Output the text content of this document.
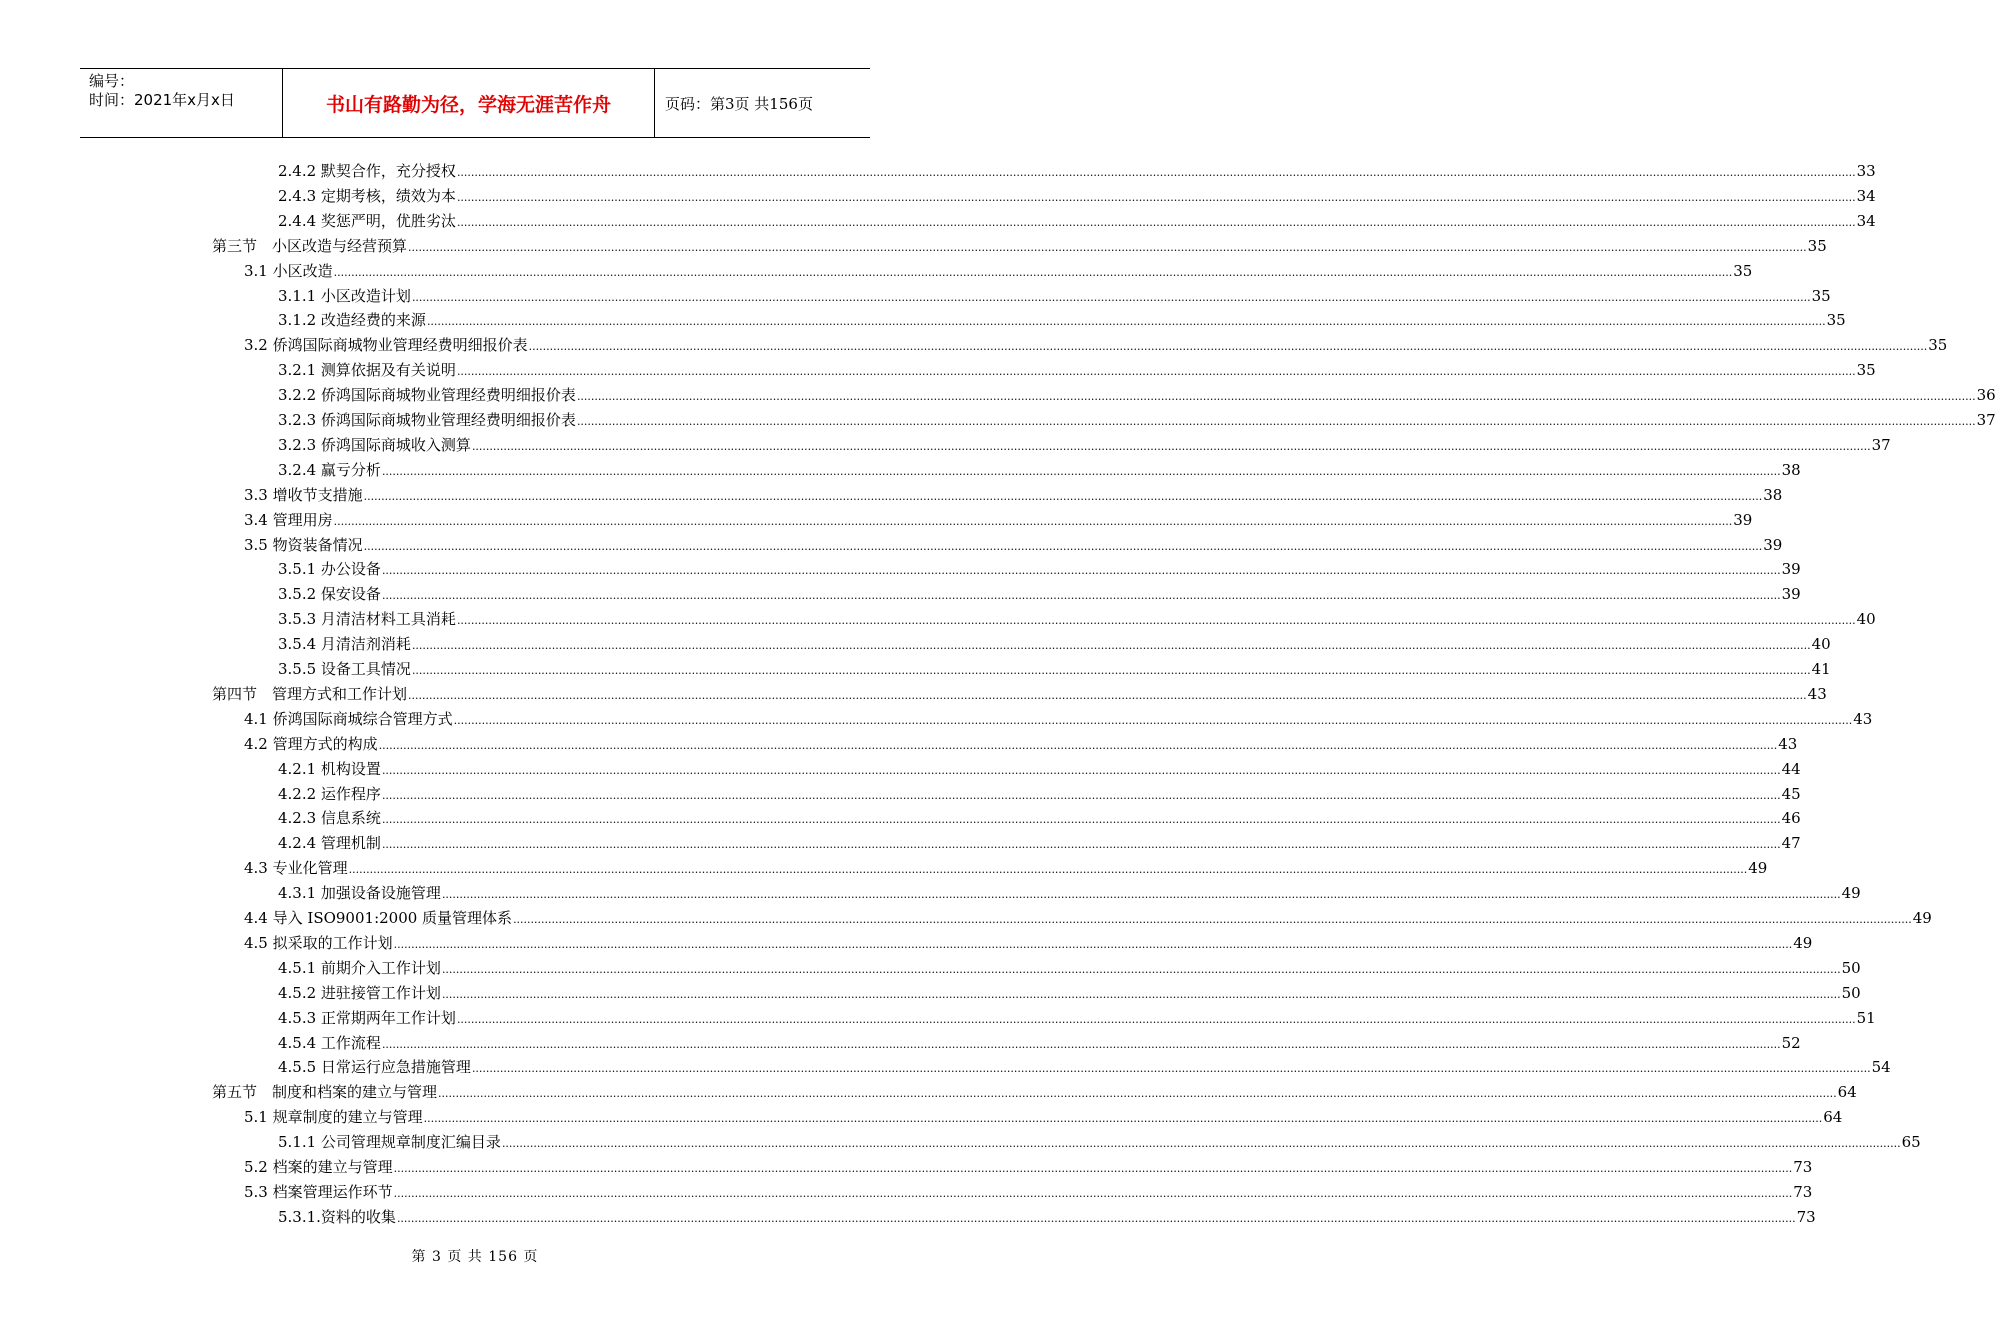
编号：
时间：2021年x月x日	书山有路勤为径，学海无涯苦作舟	页码：第3页 共156页
2.4.2 默契合作，充分授权 ................................................................................................................................................................................................................................................................................................................................................................................................................ 33
2.4.3 定期考核，绩效为本 ................................................................................................................................................................................................................................................................................................................................................................................................................ 34
2.4.4 奖惩严明，优胜劣汰 ................................................................................................................................................................................................................................................................................................................................................................................................................ 34
第三节　小区改造与经营预算 ................................................................................................................................................................................................................................................................................................................................................................................................................ 35
3.1 小区改造 ................................................................................................................................................................................................................................................................................................................................................................................................................ 35
3.1.1 小区改造计划 ................................................................................................................................................................................................................................................................................................................................................................................................................ 35
3.1.2 改造经费的来源 ................................................................................................................................................................................................................................................................................................................................................................................................................ 35
3.2 侨鸿国际商城物业管理经费明细报价表 ................................................................................................................................................................................................................................................................................................................................................................................................................ 35
3.2.1 测算依据及有关说明 ................................................................................................................................................................................................................................................................................................................................................................................................................ 35
3.2.2 侨鸿国际商城物业管理经费明细报价表 ................................................................................................................................................................................................................................................................................................................................................................................................................ 36
3.2.3 侨鸿国际商城物业管理经费明细报价表 ................................................................................................................................................................................................................................................................................................................................................................................................................ 37
3.2.3 侨鸿国际商城收入测算 ................................................................................................................................................................................................................................................................................................................................................................................................................ 37
3.2.4 赢亏分析 ................................................................................................................................................................................................................................................................................................................................................................................................................ 38
3.3 增收节支措施 ................................................................................................................................................................................................................................................................................................................................................................................................................ 38
3.4 管理用房 ................................................................................................................................................................................................................................................................................................................................................................................................................ 39
3.5 物资装备情况 ................................................................................................................................................................................................................................................................................................................................................................................................................ 39
3.5.1 办公设备 ................................................................................................................................................................................................................................................................................................................................................................................................................ 39
3.5.2 保安设备 ................................................................................................................................................................................................................................................................................................................................................................................................................ 39
3.5.3 月清洁材料工具消耗 ................................................................................................................................................................................................................................................................................................................................................................................................................ 40
3.5.4 月清洁剂消耗 ................................................................................................................................................................................................................................................................................................................................................................................................................ 40
3.5.5 设备工具情况 ................................................................................................................................................................................................................................................................................................................................................................................................................ 41
第四节　管理方式和工作计划 ................................................................................................................................................................................................................................................................................................................................................................................................................ 43
4.1 侨鸿国际商城综合管理方式 ................................................................................................................................................................................................................................................................................................................................................................................................................ 43
4.2 管理方式的构成 ................................................................................................................................................................................................................................................................................................................................................................................................................ 43
4.2.1 机构设置 ................................................................................................................................................................................................................................................................................................................................................................................................................ 44
4.2.2 运作程序 ................................................................................................................................................................................................................................................................................................................................................................................................................ 45
4.2.3 信息系统 ................................................................................................................................................................................................................................................................................................................................................................................................................ 46
4.2.4 管理机制 ................................................................................................................................................................................................................................................................................................................................................................................................................ 47
4.3 专业化管理 ................................................................................................................................................................................................................................................................................................................................................................................................................ 49
4.3.1 加强设备设施管理 ................................................................................................................................................................................................................................................................................................................................................................................................................ 49
4.4 导入 ISO9001:2000 质量管理体系 ................................................................................................................................................................................................................................................................................................................................................................................................................ 49
4.5 拟采取的工作计划 ................................................................................................................................................................................................................................................................................................................................................................................................................ 49
4.5.1 前期介入工作计划 ................................................................................................................................................................................................................................................................................................................................................................................................................ 50
4.5.2 进驻接管工作计划 ................................................................................................................................................................................................................................................................................................................................................................................................................ 50
4.5.3 正常期两年工作计划 ................................................................................................................................................................................................................................................................................................................................................................................................................ 51
4.5.4 工作流程 ................................................................................................................................................................................................................................................................................................................................................................................................................ 52
4.5.5 日常运行应急措施管理 ................................................................................................................................................................................................................................................................................................................................................................................................................ 54
第五节　制度和档案的建立与管理 ................................................................................................................................................................................................................................................................................................................................................................................................................ 64
5.1 规章制度的建立与管理 ................................................................................................................................................................................................................................................................................................................................................................................................................ 64
5.1.1 公司管理规章制度汇编目录 ................................................................................................................................................................................................................................................................................................................................................................................................................ 65
5.2 档案的建立与管理 ................................................................................................................................................................................................................................................................................................................................................................................................................ 73
5.3 档案管理运作环节 ................................................................................................................................................................................................................................................................................................................................................................................................................ 73
5.3.1.资料的收集 ................................................................................................................................................................................................................................................................................................................................................................................................................ 73
第 3 页 共 156 页
